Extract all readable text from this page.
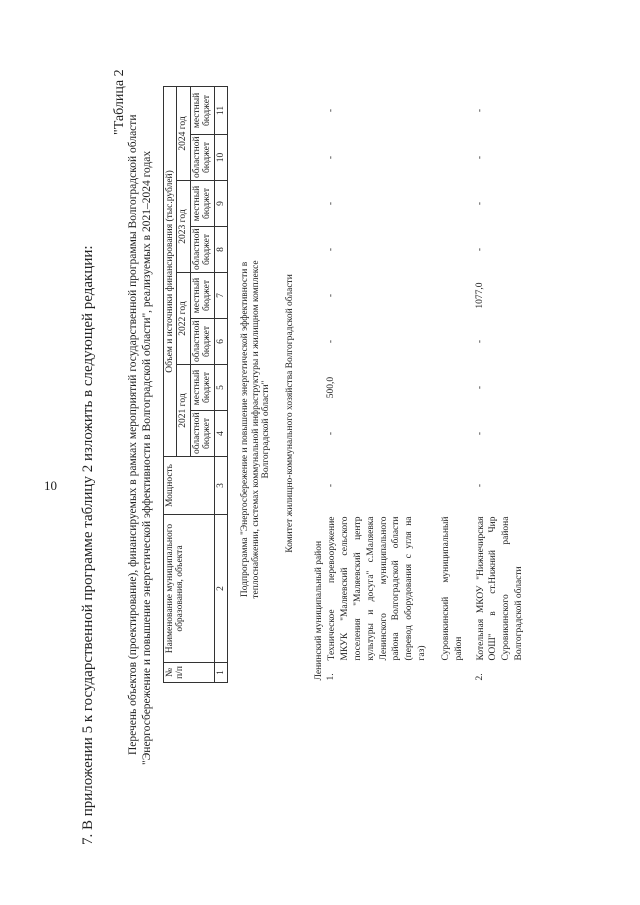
10 7. В приложении 5 к государственной программе таблицу 2 изложить в следующей редакции:
"Таблица 2
Перечень объектов (проектирование), финансируемых в рамках мероприятий государственной программы Волгоградской области "Энергосбережение и повышение энергетической эффективности в Волгоградской области", реализуемых в 2021–2024 годах № п/п	Наименование муниципального образования, объекта	Мощность	Объем и источники финансирования (тыс.рублей)							
			2021 год		2022 год		2023 год		2024 год	
			областной бюджет	местный бюджет	областной бюджет	местный бюджет	областной бюджет	местный бюджет	областной бюджет	местный бюджет
1	2	3	4	5	6	7	8	9	10	11
Подпрограмма "Энергосбережение и повышение энергетической эффективности в теплоснабжении, системах коммунальной инфраструктуры и жилищном комплексе Волгоградской области"										
Комитет жилищно-коммунального хозяйства Волгоградской области										
Ленинский муниципальный район										
1.	Техническое перевооружение МКУК "Маляевский сельского поселения "Маляевский центр культуры и досуга" с.Маляевка Ленинского муниципального района Волгоградской области (перевод оборудования с угля на газ)	-	-	500,0	-	-	-	-	-	-
	Суровикинский муниципальный район									
2.	Котельная МКОУ "Нижнечирская ООШ" в ст.Нижний Чир Суровикинского района Волгоградской области	-	-	-	-	1077,0	-	-	-	-
